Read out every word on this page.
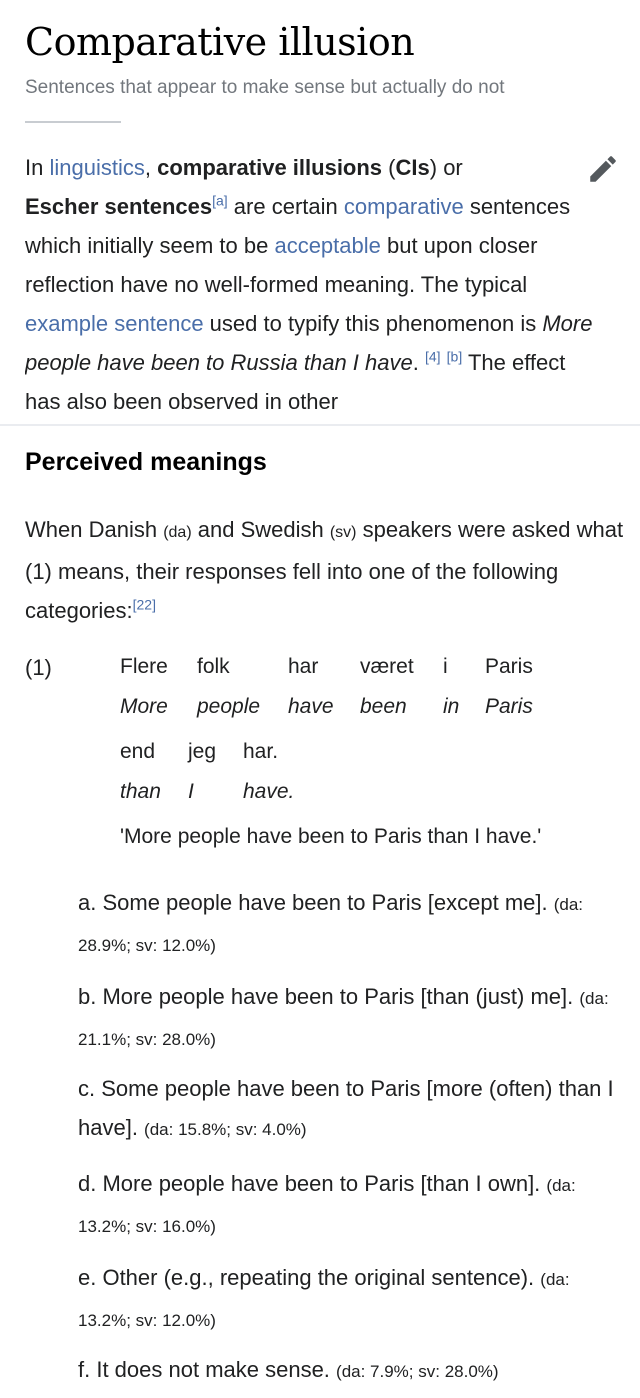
Comparative illusion

Sentences that appear to make sense but actually do not

In linguistics, comparative illusions (CIs) or
Escher sentences[a] are certain comparative sentences which initially seem to be acceptable but upon closer reflection have no well-formed meaning. The typical example sentence used to typify this phenomenon is More people have been to Russia than I have. [4] [b] The effect has also been observed in other

Perceived meanings

When Danish (da) and Swedish (sv) speakers were asked what (1) means, their responses fell into one of the following categories:[22]

(1)	Flere folk	har været i Paris
More people have been in Paris
end jeg har.
than I have.
'More people have been to Paris than I have.'

a. Some people have been to Paris [except me]. (da: 28.9%; sv: 12.0%)

b. More people have been to Paris [than (just) me]. (da: 21.1%; sv: 28.0%)

c. Some people have been to Paris [more (often) than I have]. (da: 15.8%; sv: 4.0%)

d. More people have been to Paris [than I own]. (da: 13.2%; sv: 16.0%)

e. Other (e.g., repeating the original sentence). (da: 13.2%; sv: 12.0%)

f. It does not make sense. (da: 7.9%; sv: 28.0%)
